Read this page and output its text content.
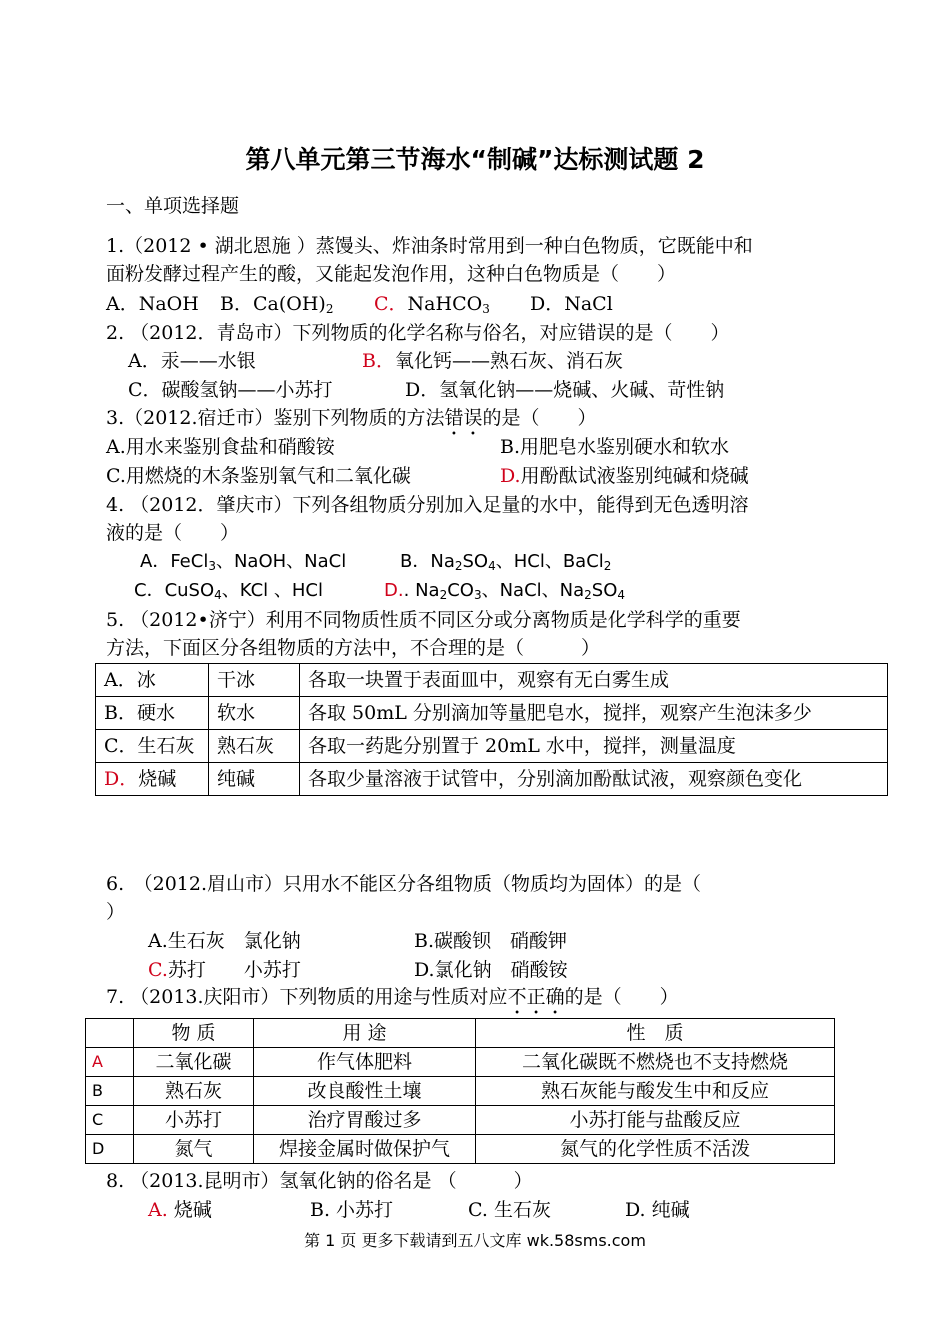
第八单元第三节海水“制碱”达标测试题 2
一、单项选择题
1.（2012 • 湖北恩施 ）蒸馒头、炸油条时常用到一种白色物质，它既能中和
面粉发酵过程产生的酸，又能起发泡作用，这种白色物质是（　　）
A．NaOH B．$Ca(OH)_2$ C．NaHCO$_3$ D．NaCl
2. （2012．青岛市）下列物质的化学名称与俗名，对应错误的是（　　）
A．汞——水银	B．氧化钙——熟石灰、消石灰
C．碳酸氢钠——小苏打	D．氢氧化钠——烧碱、火碱、苛性钠
3.（2012.宿迁市）鉴别下列物质的方法错误的是（　　）
A.用水来鉴别食盐和硝酸铵	B.用肥皂水鉴别硬水和软水
C.用燃烧的木条鉴别氧气和二氧化碳	D.用酚酞试液鉴别纯碱和烧碱
4. （2012．肇庆市）下列各组物质分别加入足量的水中，能得到无色透明溶
液的是（　　）
A．FeCl$_3$、NaOH、NaCl	B．$Na_2SO_4$、HCl、BaCl$_2$
C．CuSO$_4$、KCl 、HCl	D.. $Na_2CO_3$、NaCl、$Na_2SO_4$
5. （2012•济宁）利用不同物质性质不同区分或分离物质是化学科学的重要
方法，下面区分各组物质的方法中，不合理的是（　　　）
A．冰	干冰	各取一块置于表面皿中，观察有无白雾生成
B．硬水	软水	各取 50mL 分别滴加等量肥皂水，搅拌，观察产生泡沫多少
C．生石灰	熟石灰	各取一药匙分别置于 20mL 水中，搅拌，测量温度
D．烧碱	纯碱	各取少量溶液于试管中，分别滴加酚酞试液，观察颜色变化
6.　（2012.眉山市）只用水不能区分各组物质（物质均为固体）的是（
）
A.生石灰　氯化钠	B.碳酸钡　硝酸钾
C.苏打　　小苏打	D.氯化钠　硝酸铵
7. （2013.庆阳市）下列物质的用途与性质对应不正确的是（　　）
	物 质	用 途	性　质
A	二氧化碳	作气体肥料	二氧化碳既不燃烧也不支持燃烧
B	熟石灰	改良酸性土壤	熟石灰能与酸发生中和反应
C	小苏打	治疗胃酸过多	小苏打能与盐酸反应
D	氮气	焊接金属时做保护气	氮气的化学性质不活泼
8. （2013.昆明市）氢氧化钠的俗名是 （　　　）
A. 烧碱	B. 小苏打	C. 生石灰	D. 纯碱
第 1 页 更多下载请到五八文库 wk.58sms.com
